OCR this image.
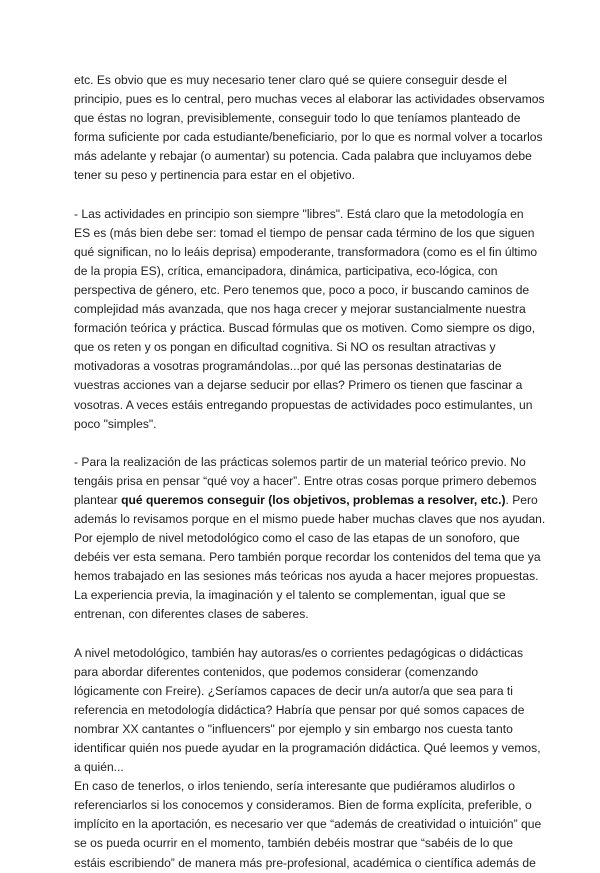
etc. Es obvio que es muy necesario tener claro qué se quiere conseguir desde el
principio, pues es lo central, pero muchas veces al elaborar las actividades observamos
que éstas no logran, previsiblemente, conseguir todo lo que teníamos planteado de
forma suficiente por cada estudiante/beneficiario, por lo que es normal volver a tocarlos
más adelante y rebajar (o aumentar) su potencia. Cada palabra que incluyamos debe
tener su peso y pertinencia para estar en el objetivo.

- Las actividades en principio son siempre "libres". Está claro que la metodología en
ES es (más bien debe ser: tomad el tiempo de pensar cada término de los que siguen
qué significan, no lo leáis deprisa) empoderante, transformadora (como es el fin último
de la propia ES), crítica, emancipadora, dinámica, participativa, eco-lógica, con
perspectiva de género, etc. Pero tenemos que, poco a poco, ir buscando caminos de
complejidad más avanzada, que nos haga crecer y mejorar sustancialmente nuestra
formación teórica y práctica. Buscad fórmulas que os motiven. Como siempre os digo,
que os reten y os pongan en dificultad cognitiva. Si NO os resultan atractivas y
motivadoras a vosotras programándolas...por qué las personas destinatarias de
vuestras acciones van a dejarse seducir por ellas? Primero os tienen que fascinar a
vosotras. A veces estáis entregando propuestas de actividades poco estimulantes, un
poco "simples".

- Para la realización de las prácticas solemos partir de un material teórico previo. No
tengáis prisa en pensar “qué voy a hacer”. Entre otras cosas porque primero debemos
plantear qué queremos conseguir (los objetivos, problemas a resolver, etc.). Pero
además lo revisamos porque en el mismo puede haber muchas claves que nos ayudan.
Por ejemplo de nivel metodológico como el caso de las etapas de un sonoforo, que
debéis ver esta semana. Pero también porque recordar los contenidos del tema que ya
hemos trabajado en las sesiones más teóricas nos ayuda a hacer mejores propuestas.
La experiencia previa, la imaginación y el talento se complementan, igual que se
entrenan, con diferentes clases de saberes.

A nivel metodológico, también hay autoras/es o corrientes pedagógicas o didácticas
para abordar diferentes contenidos, que podemos considerar (comenzando
lógicamente con Freire). ¿Seríamos capaces de decir un/a autor/a que sea para ti
referencia en metodología didáctica? Habría que pensar por qué somos capaces de
nombrar XX cantantes o "influencers" por ejemplo y sin embargo nos cuesta tanto
identificar quién nos puede ayudar en la programación didáctica. Qué leemos y vemos,
a quién...
En caso de tenerlos, o irlos teniendo, sería interesante que pudiéramos aludirlos o
referenciarlos si los conocemos y consideramos. Bien de forma explícita, preferible, o
implícito en la aportación, es necesario ver que “además de creatividad o intuición” que
se os pueda ocurrir en el momento, también debéis mostrar que “sabéis de lo que
estáis escribiendo” de manera más pre-profesional, académica o científica además de
